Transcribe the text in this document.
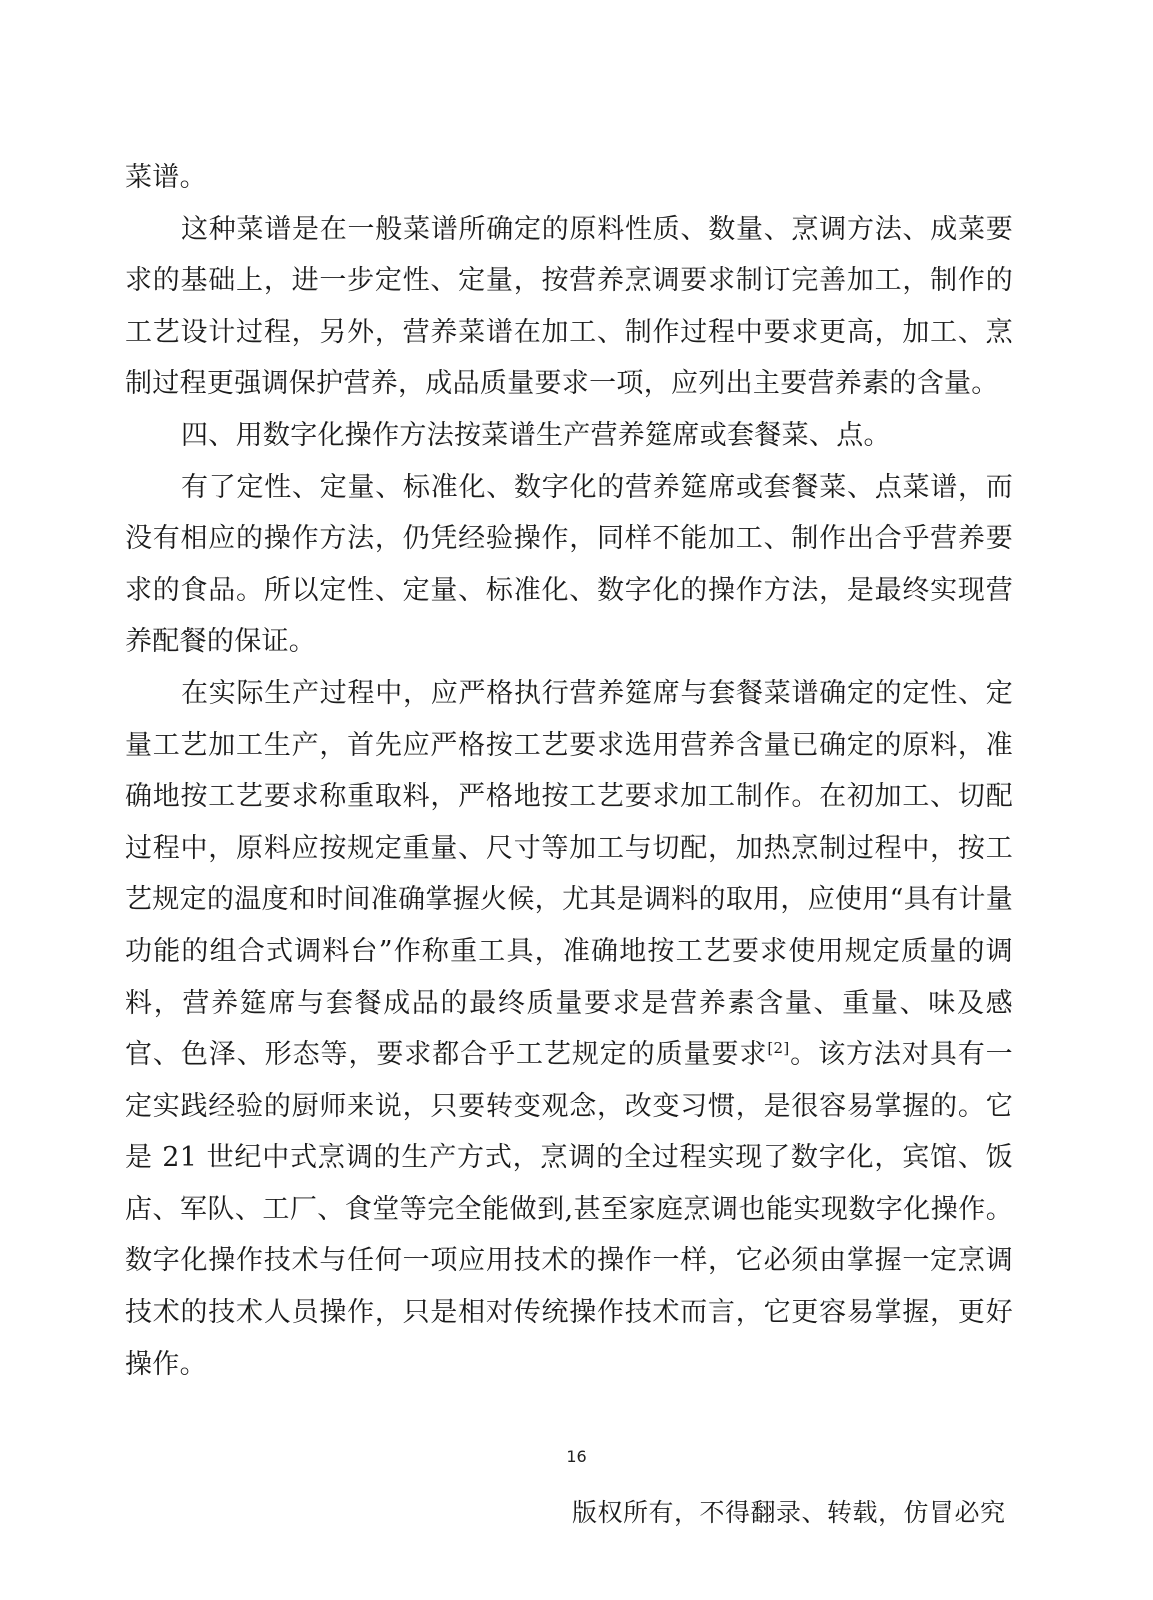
菜谱。

这种菜谱是在一般菜谱所确定的原料性质、数量、烹调方法、成菜要求的基础上，进一步定性、定量，按营养烹调要求制订完善加工，制作的工艺设计过程，另外，营养菜谱在加工、制作过程中要求更高，加工、烹制过程更强调保护营养，成品质量要求一项，应列出主要营养素的含量。

四、用数字化操作方法按菜谱生产营养筵席或套餐菜、点。

有了定性、定量、标准化、数字化的营养筵席或套餐菜、点菜谱，而没有相应的操作方法，仍凭经验操作，同样不能加工、制作出合乎营养要求的食品。所以定性、定量、标准化、数字化的操作方法，是最终实现营养配餐的保证。

在实际生产过程中，应严格执行营养筵席与套餐菜谱确定的定性、定量工艺加工生产，首先应严格按工艺要求选用营养含量已确定的原料，准确地按工艺要求称重取料，严格地按工艺要求加工制作。在初加工、切配过程中，原料应按规定重量、尺寸等加工与切配，加热烹制过程中，按工艺规定的温度和时间准确掌握火候，尤其是调料的取用，应使用“具有计量功能的组合式调料台”作称重工具，准确地按工艺要求使用规定质量的调料，营养筵席与套餐成品的最终质量要求是营养素含量、重量、味及感官、色泽、形态等，要求都合乎工艺规定的质量要求[2]。该方法对具有一定实践经验的厨师来说，只要转变观念，改变习惯，是很容易掌握的。它是 21 世纪中式烹调的生产方式，烹调的全过程实现了数字化，宾馆、饭店、军队、工厂、食堂等完全能做到,甚至家庭烹调也能实现数字化操作。数字化操作技术与任何一项应用技术的操作一样，它必须由掌握一定烹调技术的技术人员操作，只是相对传统操作技术而言，它更容易掌握，更好操作。

16
版权所有，不得翻录、转载，仿冒必究
